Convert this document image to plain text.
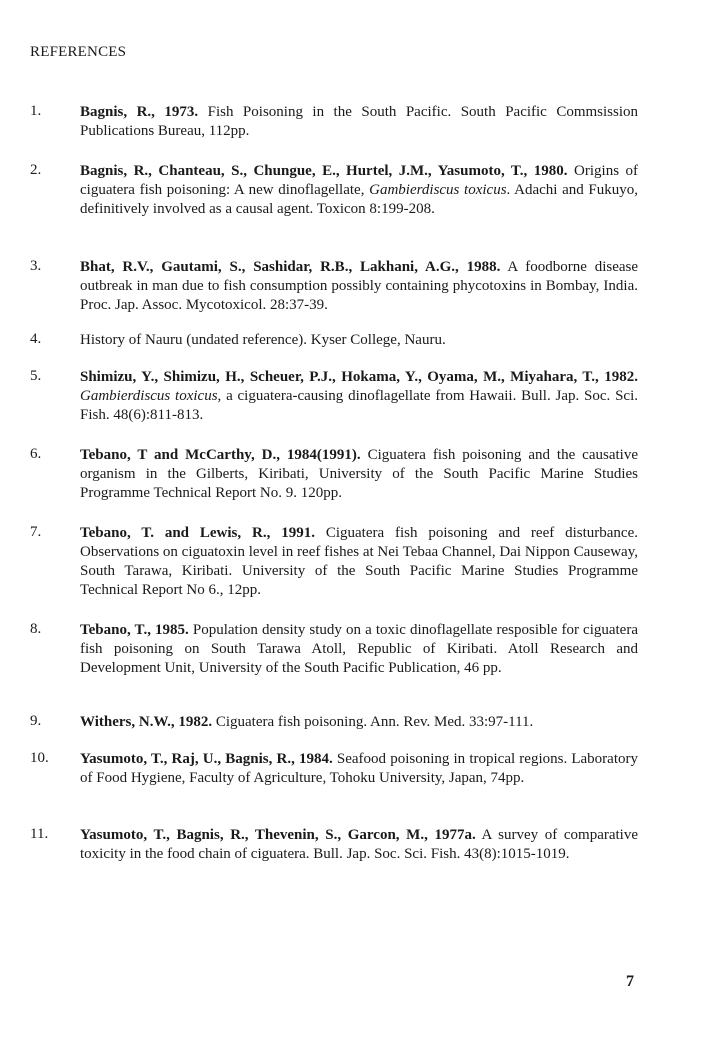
REFERENCES
1.	Bagnis, R., 1973. Fish Poisoning in the South Pacific. South Pacific Commsission Publications Bureau, 112pp.
2.	Bagnis, R., Chanteau, S., Chungue, E., Hurtel, J.M., Yasumoto, T., 1980. Origins of ciguatera fish poisoning: A new dinoflagellate, Gambierdiscus toxicus. Adachi and Fukuyo, definitively involved as a causal agent. Toxicon 8:199-208.
3.	Bhat, R.V., Gautami, S., Sashidar, R.B., Lakhani, A.G., 1988. A foodborne disease outbreak in man due to fish consumption possibly containing phycotoxins in Bombay, India. Proc. Jap. Assoc. Mycotoxicol. 28:37-39.
4.	History of Nauru (undated reference). Kyser College, Nauru.
5.	Shimizu, Y., Shimizu, H., Scheuer, P.J., Hokama, Y., Oyama, M., Miyahara, T., 1982. Gambierdiscus toxicus, a ciguatera-causing dinoflagellate from Hawaii. Bull. Jap. Soc. Sci. Fish. 48(6):811-813.
6.	Tebano, T and McCarthy, D., 1984(1991). Ciguatera fish poisoning and the causative organism in the Gilberts, Kiribati, University of the South Pacific Marine Studies Programme Technical Report No. 9. 120pp.
7.	Tebano, T. and Lewis, R., 1991. Ciguatera fish poisoning and reef disturbance. Observations on ciguatoxin level in reef fishes at Nei Tebaa Channel, Dai Nippon Causeway, South Tarawa, Kiribati. University of the South Pacific Marine Studies Programme Technical Report No 6., 12pp.
8.	Tebano, T., 1985. Population density study on a toxic dinoflagellate resposible for ciguatera fish poisoning on South Tarawa Atoll, Republic of Kiribati. Atoll Research and Development Unit, University of the South Pacific Publication, 46 pp.
9.	Withers, N.W., 1982. Ciguatera fish poisoning. Ann. Rev. Med. 33:97-111.
10. Yasumoto, T., Raj, U., Bagnis, R., 1984. Seafood poisoning in tropical regions. Laboratory of Food Hygiene, Faculty of Agriculture, Tohoku University, Japan, 74pp.
11. Yasumoto, T., Bagnis, R., Thevenin, S., Garcon, M., 1977a. A survey of comparative toxicity in the food chain of ciguatera. Bull. Jap. Soc. Sci. Fish. 43(8):1015-1019.
7
